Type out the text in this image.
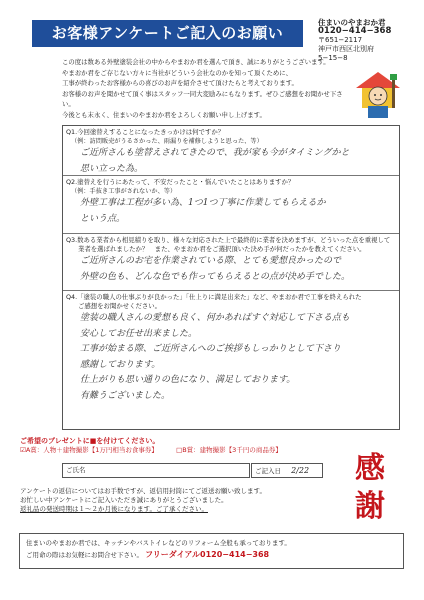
お客様アンケートご記入のお願い
住まいのやまおか君
0120−414−368
〒651−2117
神戸市西区北別府
5−15−8
この度は数ある外壁塗装会社の中からやまおか君を選んで頂き、誠にありがとうございます。
やまおか君をご存じない方々に当社がどういう会社なのかを知って頂くために、
工事が終わったお客様からの喜びのお声を紹介させて頂けたらと考えております。
お客様のお声を聞かせて頂く事はスタッフ一同大変励みにもなります。ぜひご感想をお聞かせ下さい。
今後とも末永く、住まいのやまおか君をよろしくお願い申し上げます。
Q1.今回塗替えすることになったきっかけは何ですか？
（例：訪問販売がうるさかった、雨漏りを補修しようと思った、等）
ご近所さんも塗替えされてきたので、我が家も今がタイミングかと
思い立った為。
Q2.塗替えを行うにあたって、不安だったこと・悩んでいたことはありますか？
（例：手抜き工事がされないか、等）
外壁工事は工程が多い為、1つ1つ丁寧に作業してもらえるか
という点。
Q3.数ある業者から相見積りを取り、様々な対応された上で最終的に業者を決めますが、どういった点を重視して
業者を選ばれましたか？　また、やまおか君をご選択頂いた決め手が何だったかを教えてください。
ご近所さんのお宅を作業されている際、とても愛想良かったので
外壁の色も、どんな色でも作ってもらえるとの点が決め手でした。
Q4.「塗装の職人の仕事ぶりが良かった」「仕上りに満足出来た」など、やまおか君で工事を終えられた
ご感想をお聞かせください。
塗装の職人さんの愛想も良く、何かあればすぐ対応して下さる点も
安心してお任せ出来ました。
工事が始まる際、ご近所さんへのご挨拶もしっかりとして下さり
感謝しております。
仕上がりも思い通りの色になり、満足しております。
有難うございました。
ご希望のプレゼントに■を付けてください。
☑A賞：人物＋建物撮影【1万円相当お食事券】	□B賞：建物撮影【3千円の商品券】
ご氏名	ご記入日 2/22	感謝
アンケートの返信についてはお手数ですが、返信用封筒にてご返送お願い致します。
お忙しい中アンケートにご記入いただき誠にありがとうございました。
返礼品の発送時期は１〜２か月後になります。ご了承ください。
住まいのやまおか君では、キッチンやバストイレなどのリフォーム全般も承っております。
ご用命の際はお気軽にお問合せ下さい。 フリーダイアル0120−414−368
